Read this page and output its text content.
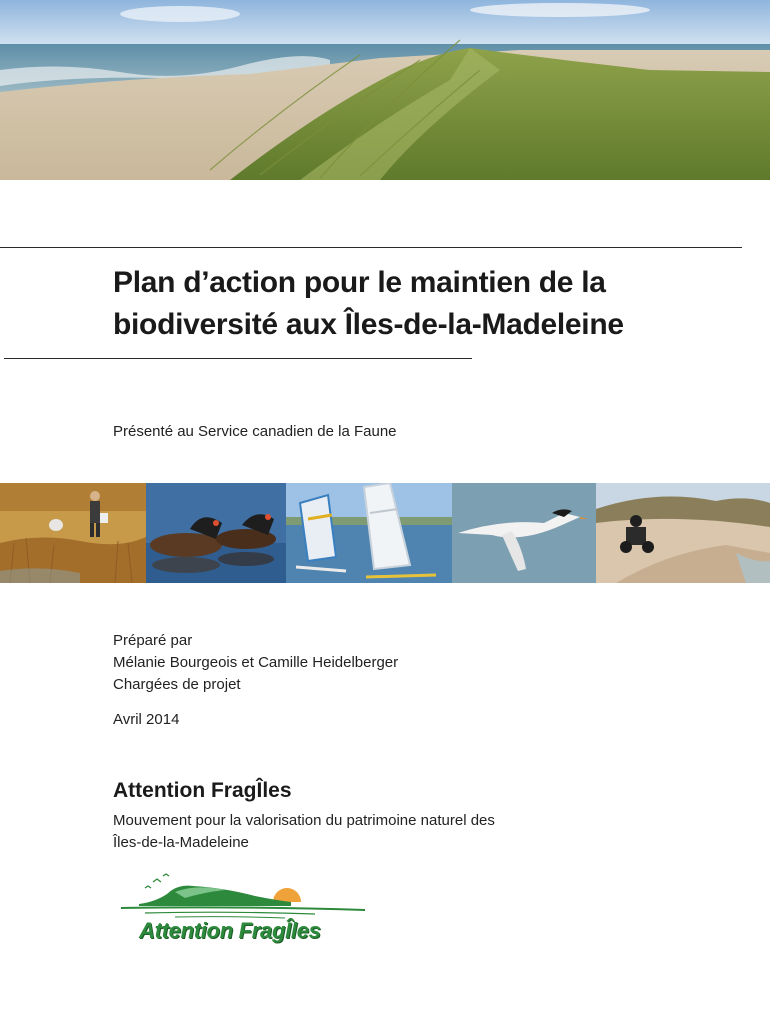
Plan d’action pour le maintien de la
biodiversité aux Îles-de-la-Madeleine
Présenté au Service canadien de la Faune
Préparé par
Mélanie Bourgeois et Camille Heidelberger
Chargées de projet
Avril 2014
Attention FragÎles
Mouvement pour la valorisation du patrimoine naturel des
Îles-de-la-Madeleine
Attention FragÎles
